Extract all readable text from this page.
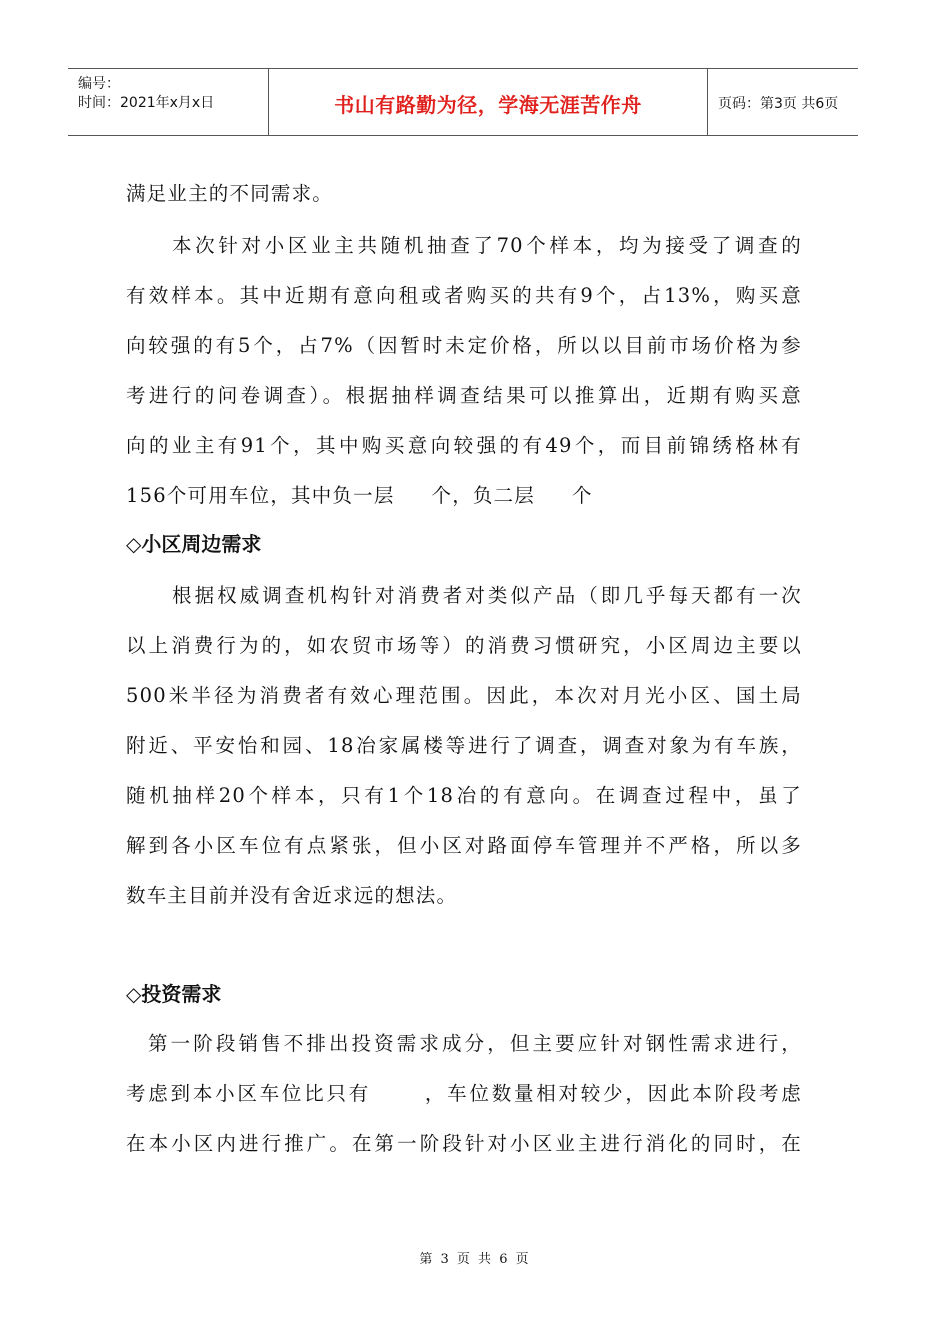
编号：
时间：2021年x月x日	书山有路勤为径，学海无涯苦作舟	页码：第3页 共6页
满足业主的不同需求。
本次针对小区业主共随机抽查了70个样本，均为接受了调查的
有效样本。其中近期有意向租或者购买的共有9个，占13%，购买意
向较强的有5个，占7%（因暂时未定价格，所以以目前市场价格为参
考进行的问卷调查）。根据抽样调查结果可以推算出，近期有购买意
向的业主有91个，其中购买意向较强的有49个，而目前锦绣格林有
156个可用车位，其中负一层     个，负二层     个
◇小区周边需求
根据权威调查机构针对消费者对类似产品（即几乎每天都有一次
以上消费行为的，如农贸市场等）的消费习惯研究，小区周边主要以
500米半径为消费者有效心理范围。因此，本次对月光小区、国土局
附近、平安怡和园、18冶家属楼等进行了调查，调查对象为有车族，
随机抽样20个样本，只有1个18冶的有意向。在调查过程中，虽了
解到各小区车位有点紧张，但小区对路面停车管理并不严格，所以多
数车主目前并没有舍近求远的想法。
◇投资需求
第一阶段销售不排出投资需求成分，但主要应针对钢性需求进行，
考虑到本小区车位比只有      ，车位数量相对较少，因此本阶段考虑
在本小区内进行推广。在第一阶段针对小区业主进行消化的同时，在
第 3 页 共 6 页
